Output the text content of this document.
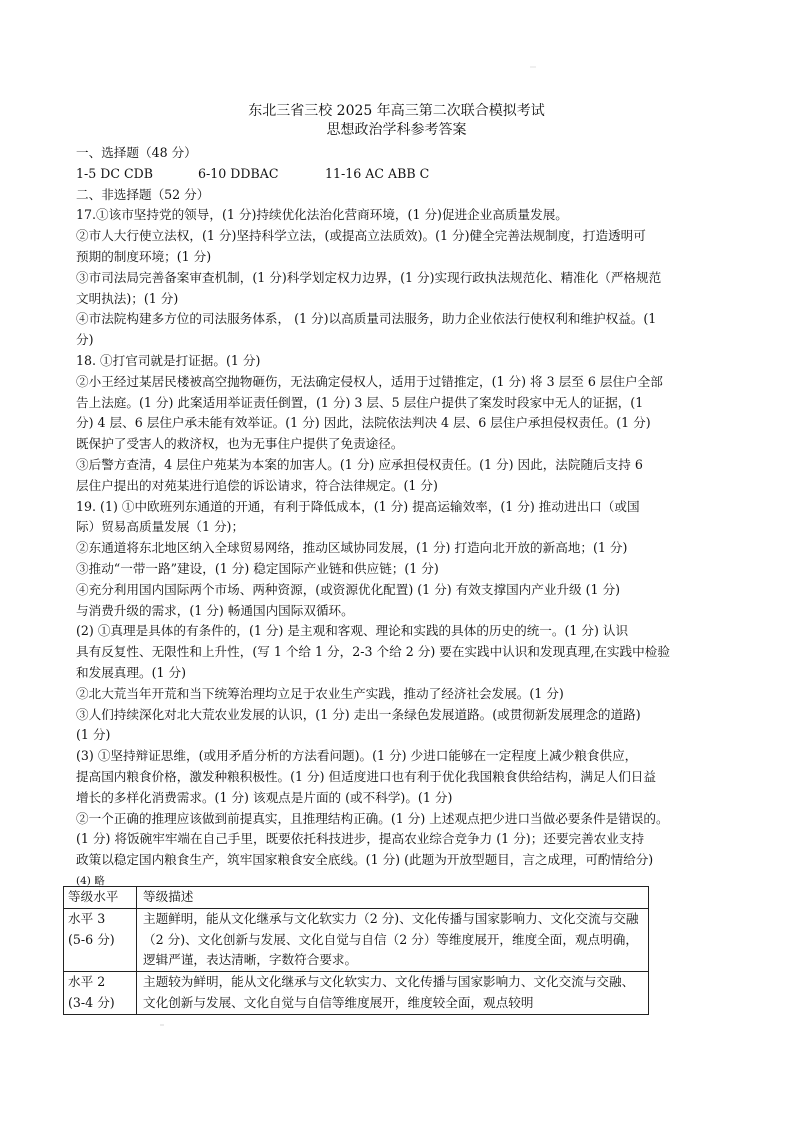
东北三省三校 2025 年高三第二次联合模拟考试
思想政治学科参考答案

一、选择题（48 分）

1-5 DC CDB	6-10 DDBAC	11-16 AC ABB C

二、非选择题（52 分）

17.①该市坚持党的领导，(1 分)持续优化法治化营商环境，(1 分)促进企业高质量发展。

②市人大行使立法权，(1 分)坚持科学立法，(或提高立法质效)。(1 分)健全完善法规制度，打造透明可

预期的制度环境；(1 分)

③市司法局完善备案审查机制，(1 分)科学划定权力边界，(1 分)实现行政执法规范化、精准化（严格规范

文明执法)；(1 分)

④市法院构建多方位的司法服务体系， (1 分)以高质量司法服务，助力企业依法行使权利和维护权益。(1

分)

18. ①打官司就是打证据。(1 分)

②小王经过某居民楼被高空抛物砸伤，无法确定侵权人，适用于过错推定，(1 分) 将 3 层至 6 层住户全部

告上法庭。(1 分) 此案适用举证责任倒置，(1 分) 3 层、5 层住户提供了案发时段家中无人的证据，(1

分) 4 层、6 层住户承未能有效举证。(1 分) 因此，法院依法判决 4 层、6 层住户承担侵权责任。(1 分)

既保护了受害人的救济权，也为无事住户提供了免责途径。

③后警方查清，4 层住户苑某为本案的加害人。(1 分) 应承担侵权责任。(1 分) 因此，法院随后支持 6

层住户提出的对苑某进行追偿的诉讼请求，符合法律规定。(1 分)

19. (1) ①中欧班列东通道的开通，有利于降低成本，(1 分) 提高运输效率，(1 分) 推动进出口（或国

际）贸易高质量发展（1 分)；

②东通道将东北地区纳入全球贸易网络，推动区域协同发展，(1 分) 打造向北开放的新高地；(1 分)

③推动“一带一路”建设，(1 分) 稳定国际产业链和供应链；(1 分)

④充分利用国内国际两个市场、两种资源，(或资源优化配置) (1 分) 有效支撑国内产业升级 (1 分)

与消费升级的需求，(1 分) 畅通国内国际双循环。

(2) ①真理是具体的有条件的，(1 分) 是主观和客观、理论和实践的具体的历史的统一。(1 分) 认识

具有反复性、无限性和上升性，(写 1 个给 1 分，2-3 个给 2 分) 要在实践中认识和发现真理,在实践中检验

和发展真理。(1 分)

②北大荒当年开荒和当下统筹治理均立足于农业生产实践，推动了经济社会发展。(1 分)

③人们持续深化对北大荒农业发展的认识，(1 分) 走出一条绿色发展道路。(或贯彻新发展理念的道路)

(1 分)

(3) ①坚持辩证思维，(或用矛盾分析的方法看问题)。(1 分) 少进口能够在一定程度上减少粮食供应，

提高国内粮食价格，激发种粮积极性。(1 分) 但适度进口也有利于优化我国粮食供给结构，满足人们日益

增长的多样化消费需求。(1 分) 该观点是片面的 (或不科学)。(1 分)

②一个正确的推理应该做到前提真实，且推理结构正确。(1 分) 上述观点把少进口当做必要条件是错误的。

(1 分) 将饭碗牢牢端在自己手里，既要依托科技进步，提高农业综合竞争力 (1 分)；还要完善农业支持

政策以稳定国内粮食生产，筑牢国家粮食安全底线。(1 分) (此题为开放型题目，言之成理，可酌情给分)

(4) 略

等级水平	等级描述

水平 3
(5-6 分)	主题鲜明，能从文化继承与文化软实力（2 分)、文化传播与国家影响力、文化交流与交融（2 分)、文化创新与发展、文化自觉与自信（2 分）等维度展开，维度全面，观点明确，逻辑严谨，表达清晰，字数符合要求。

水平 2
(3-4 分)	主题较为鲜明，能从文化继承与文化软实力、文化传播与国家影响力、文化交流与交融、文化创新与发展、文化自觉与自信等维度展开，维度较全面，观点较明
